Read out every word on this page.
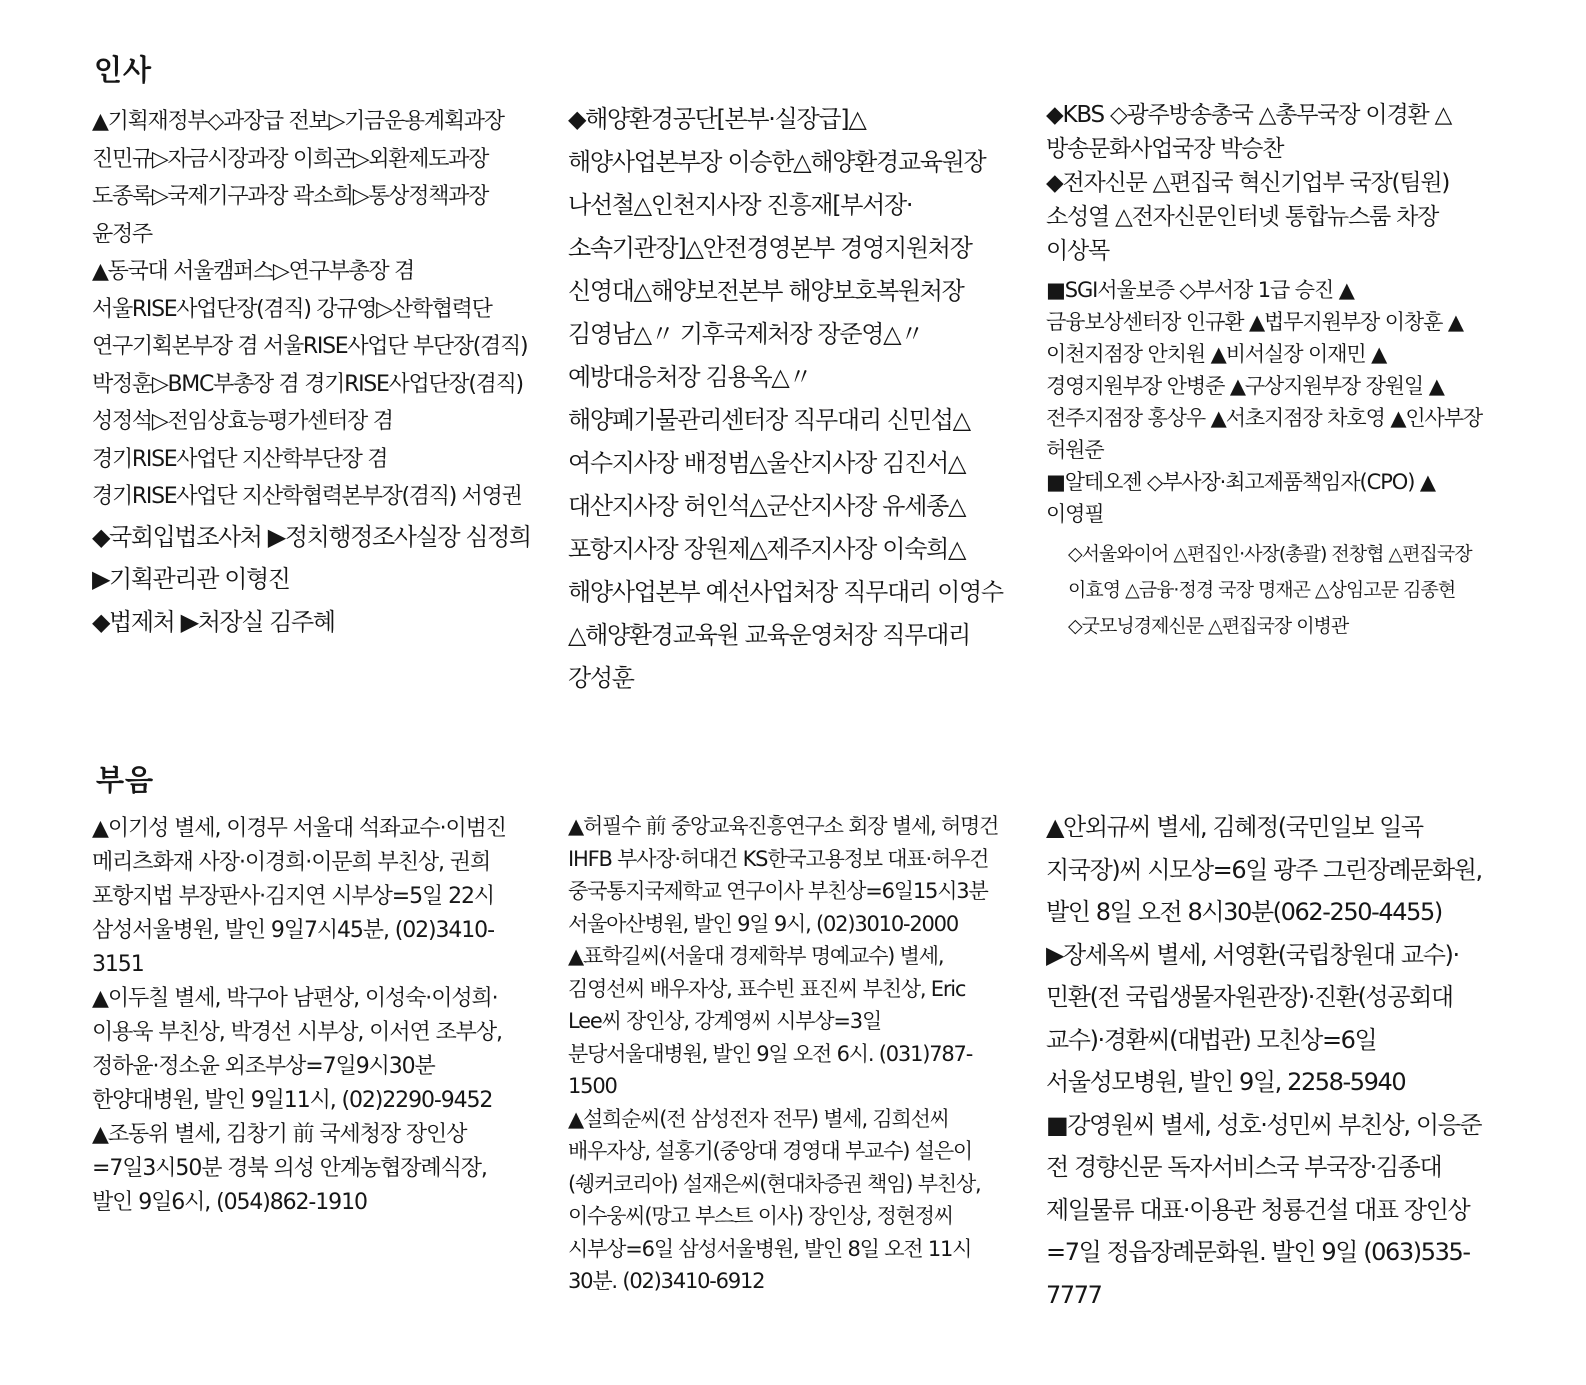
인사

▲기획재정부◇과장급 전보▷기금운용계획과장 진민규▷자금시장과장 이희곤▷외환제도과장 도종록▷국제기구과장 곽소희▷통상정책과장 윤정주

▲동국대 서울캠퍼스▷연구부총장 겸 서울RISE사업단장(겸직) 강규영▷산학협력단 연구기획본부장 겸 서울RISE사업단 부단장(겸직) 박정훈▷BMC부총장 겸 경기RISE사업단장(겸직) 성정석▷전임상효능평가센터장 겸 경기RISE사업단 지산학부단장 겸 경기RISE사업단 지산학협력본부장(겸직) 서영권

◆국회입법조사처 ▶정치행정조사실장 심정희 ▶기획관리관 이형진

◆법제처 ▶처장실 김주혜

◆해양환경공단[본부·실장급]△해양사업본부장 이승한△해양환경교육원장 나선철△인천지사장 진흥재[부서장·소속기관장]△안전경영본부 경영지원처장 신영대△해양보전본부 해양보호복원처장 김영남△〃 기후국제처장 장준영△〃 예방대응처장 김용옥△〃 해양폐기물관리센터장 직무대리 신민섭△여수지사장 배정범△울산지사장 김진서△대산지사장 허인석△군산지사장 유세종△포항지사장 장원제△제주지사장 이숙희△해양사업본부 예선사업처장 직무대리 이영수△해양환경교육원 교육운영처장 직무대리 강성훈

◆KBS ◇광주방송총국 △총무국장 이경환 △방송문화사업국장 박승찬

◆전자신문 △편집국 혁신기업부 국장(팀원) 소성열 △전자신문인터넷 통합뉴스룸 차장 이상목

■SGI서울보증 ◇부서장 1급 승진 ▲금융보상센터장 인규환 ▲법무지원부장 이창훈 ▲이천지점장 안치원 ▲비서실장 이재민 ▲경영지원부장 안병준 ▲구상지원부장 장원일 ▲전주지점장 홍상우 ▲서초지점장 차호영 ▲인사부장 허원준

■알테오젠 ◇부사장·최고제품책임자(CPO) ▲이영필

◇서울와이어 △편집인·사장(총괄) 전창협 △편집국장 이효영 △금융·정경 국장 명재곤 △상임고문 김종현

◇굿모닝경제신문 △편집국장 이병관

부음

▲이기성 별세, 이경무 서울대 석좌교수·이범진 메리츠화재 사장·이경희·이문희 부친상, 권희 포항지법 부장판사·김지연 시부상=5일 22시 삼성서울병원, 발인 9일7시45분, (02)3410-3151

▲이두칠 별세, 박구아 남편상, 이성숙·이성희·이용욱 부친상, 박경선 시부상, 이서연 조부상, 정하윤·정소윤 외조부상=7일9시30분 한양대병원, 발인 9일11시, (02)2290-9452

▲조동위 별세, 김창기 前 국세청장 장인상=7일3시50분 경북 의성 안계농협장례식장, 발인 9일6시, (054)862-1910

▲허필수 前 중앙교육진흥연구소 회장 별세, 허명건 IHFB 부사장·허대건 KS한국고용정보 대표·허우건 중국통지국제학교 연구이사 부친상=6일15시3분 서울아산병원, 발인 9일 9시, (02)3010-2000

▲표학길씨(서울대 경제학부 명예교수) 별세, 김영선씨 배우자상, 표수빈 표진씨 부친상, Eric Lee씨 장인상, 강계영씨 시부상=3일 분당서울대병원, 발인 9일 오전 6시. (031)787-1500

▲설희순씨(전 삼성전자 전무) 별세, 김희선씨 배우자상, 설홍기(중앙대 경영대 부교수) 설은이(쉥커코리아) 설재은씨(현대차증권 책임) 부친상, 이수웅씨(망고 부스트 이사) 장인상, 정현정씨 시부상=6일 삼성서울병원, 발인 8일 오전 11시 30분. (02)3410-6912

▲안외규씨 별세, 김혜정(국민일보 일곡 지국장)씨 시모상=6일 광주 그린장례문화원, 발인 8일 오전 8시30분(062-250-4455)

▶장세옥씨 별세, 서영환(국립창원대 교수)·민환(전 국립생물자원관장)·진환(성공회대 교수)·경환씨(대법관) 모친상=6일 서울성모병원, 발인 9일, 2258-5940

■강영원씨 별세, 성호·성민씨 부친상, 이응준 전 경향신문 독자서비스국 부국장·김종대 제일물류 대표·이용관 청룡건설 대표 장인상=7일 정읍장례문화원. 발인 9일 (063)535-7777
